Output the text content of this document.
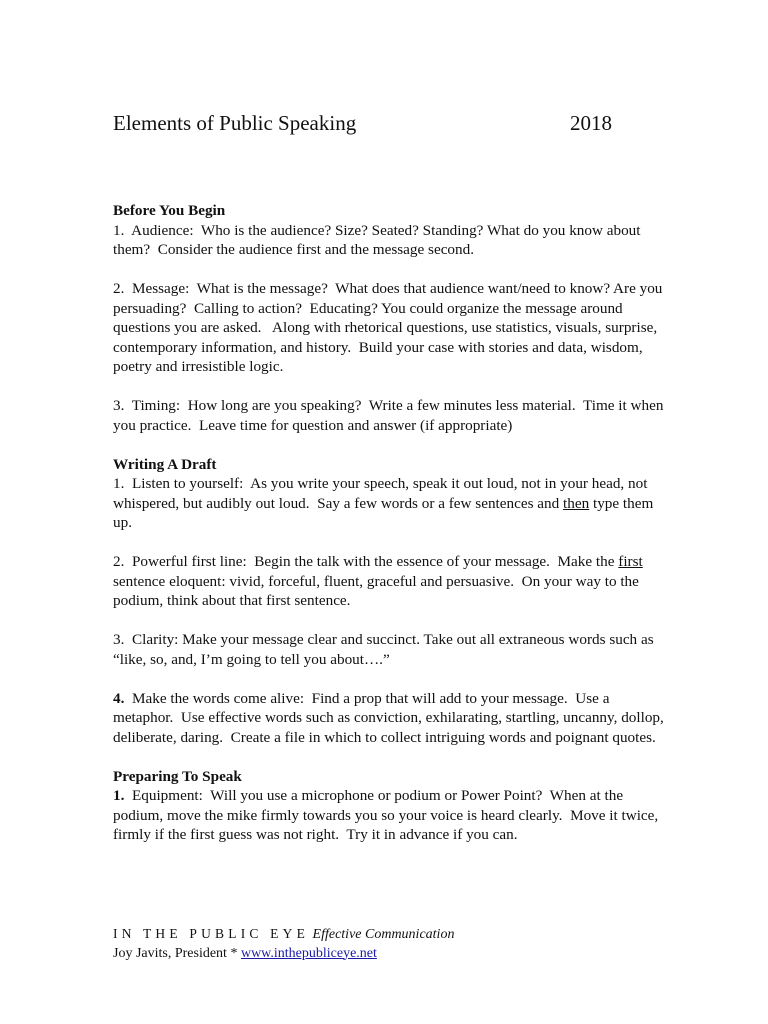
Elements of Public Speaking	2018

Before You Begin

1.  Audience:  Who is the audience? Size? Seated? Standing? What do you know about them?  Consider the audience first and the message second.

2.  Message:  What is the message?  What does that audience want/need to know? Are you persuading?  Calling to action?  Educating? You could organize the message around questions you are asked.   Along with rhetorical questions, use statistics, visuals, surprise, contemporary information, and history.  Build your case with stories and data, wisdom, poetry and irresistible logic.

3.  Timing:  How long are you speaking?  Write a few minutes less material.  Time it when you practice.  Leave time for question and answer (if appropriate)

Writing A Draft

1.  Listen to yourself:  As you write your speech, speak it out loud, not in your head, not whispered, but audibly out loud.  Say a few words or a few sentences and then type them up.

2.  Powerful first line:  Begin the talk with the essence of your message.  Make the first sentence eloquent: vivid, forceful, fluent, graceful and persuasive.  On your way to the podium, think about that first sentence.

3.  Clarity: Make your message clear and succinct. Take out all extraneous words such as “like, so, and, I’m going to tell you about….”

4.  Make the words come alive:  Find a prop that will add to your message.  Use a metaphor.  Use effective words such as conviction, exhilarating, startling, uncanny, dollop, deliberate, daring.  Create a file in which to collect intriguing words and poignant quotes.

Preparing To Speak

1.  Equipment:  Will you use a microphone or podium or Power Point?  When at the podium, move the mike firmly towards you so your voice is heard clearly.  Move it twice, firmly if the first guess was not right.  Try it in advance if you can.

IN THE PUBLIC EYE Effective Communication
Joy Javits, President * www.inthepubliceye.net
